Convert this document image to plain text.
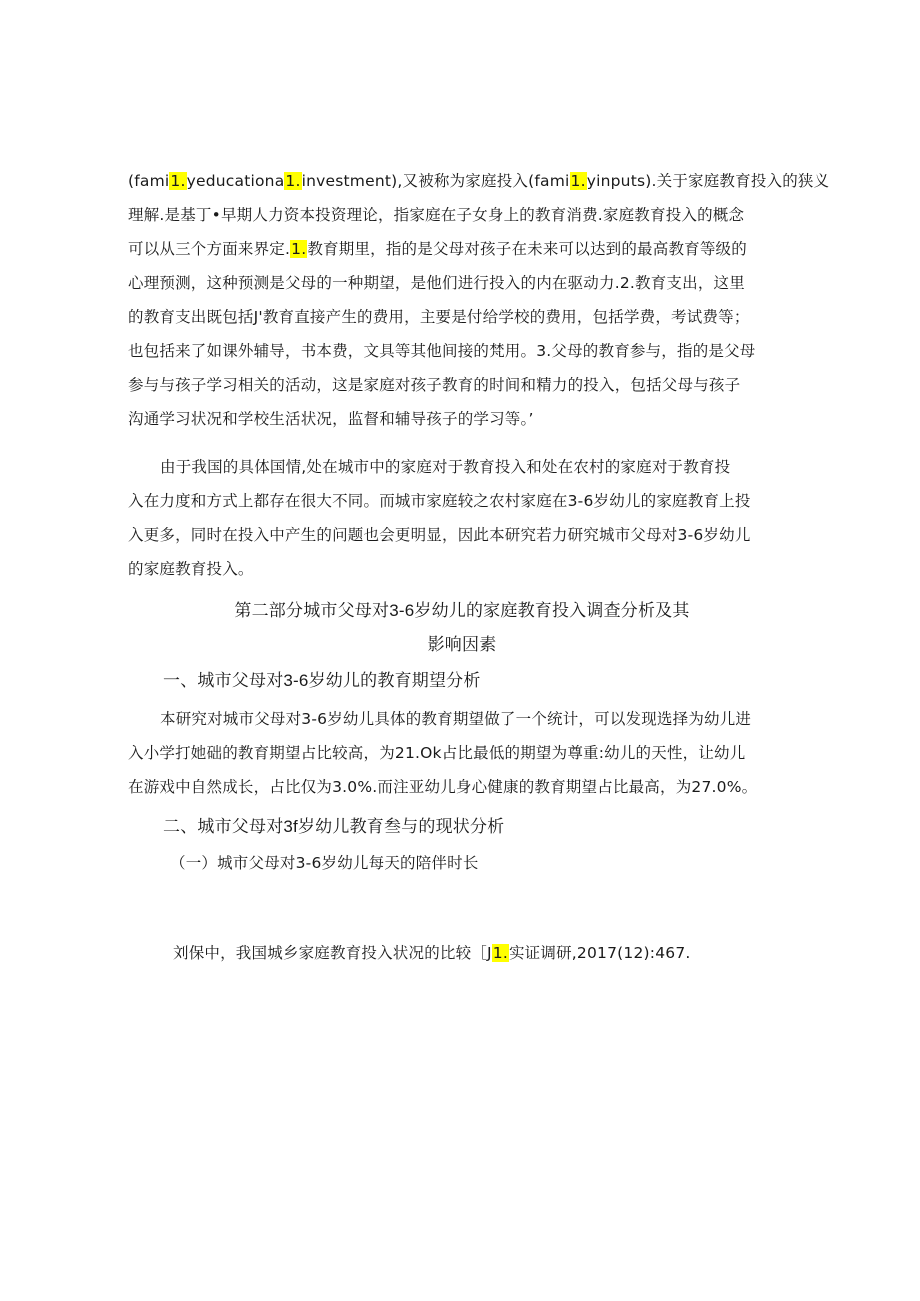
(fami1.yeducationa1.investment),又被称为家庭投入(fami1.yinputs).关于家庭教育投入的狭义
理解.是基丁•早期人力资本投资理论，指家庭在子女身上的教育消费.家庭教育投入的概念
可以从三个方面来界定.1.教育期里，指的是父母对孩子在未来可以达到的最高教育等级的
心理预测，这种预测是父母的一种期望，是他们进行投入的内在驱动力.2.教育支出，这里
的教育支出既包括J'教育直接产生的费用，主要是付给学校的费用，包括学费，考试费等；
也包括来了如课外辅导，书本费，文具等其他间接的梵用。3.父母的教育参与，指的是父母
参与与孩子学习相关的活动，这是家庭对孩子教育的时间和精力的投入，包括父母与孩子
沟通学习状况和学校生活状况，监督和辅导孩子的学习等。’
由于我国的具体国情,处在城市中的家庭对于教育投入和处在农村的家庭对于教育投
入在力度和方式上都存在很大不同。而城市家庭较之农村家庭在3-6岁幼儿的家庭教育上投
入更多，同时在投入中产生的问题也会更明显，因此本研究若力研究城市父母对3-6岁幼儿
的家庭教育投入。
第二部分城市父母对3-6岁幼儿的家庭教育投入调查分析及其
影响因素
一、城市父母对3-6岁幼儿的教育期望分析
本研究对城市父母对3-6岁幼儿具体的教育期望做了一个统计，可以发现选择为幼儿进
入小学打她础的教育期望占比较高，为21.Ok占比最低的期望为尊重:幼儿的天性，让幼儿
在游戏中自然成长，占比仅为3.0%.而注亚幼儿身心健康的教育期望占比最高，为27.0%。
二、城市父母对3f岁幼儿教育叁与的现状分析
（一）城市父母对3-6岁幼儿每天的陪伴时长
刘保中，我国城乡家庭教育投入状况的比较［J1.实证调研,2017(12):467.
